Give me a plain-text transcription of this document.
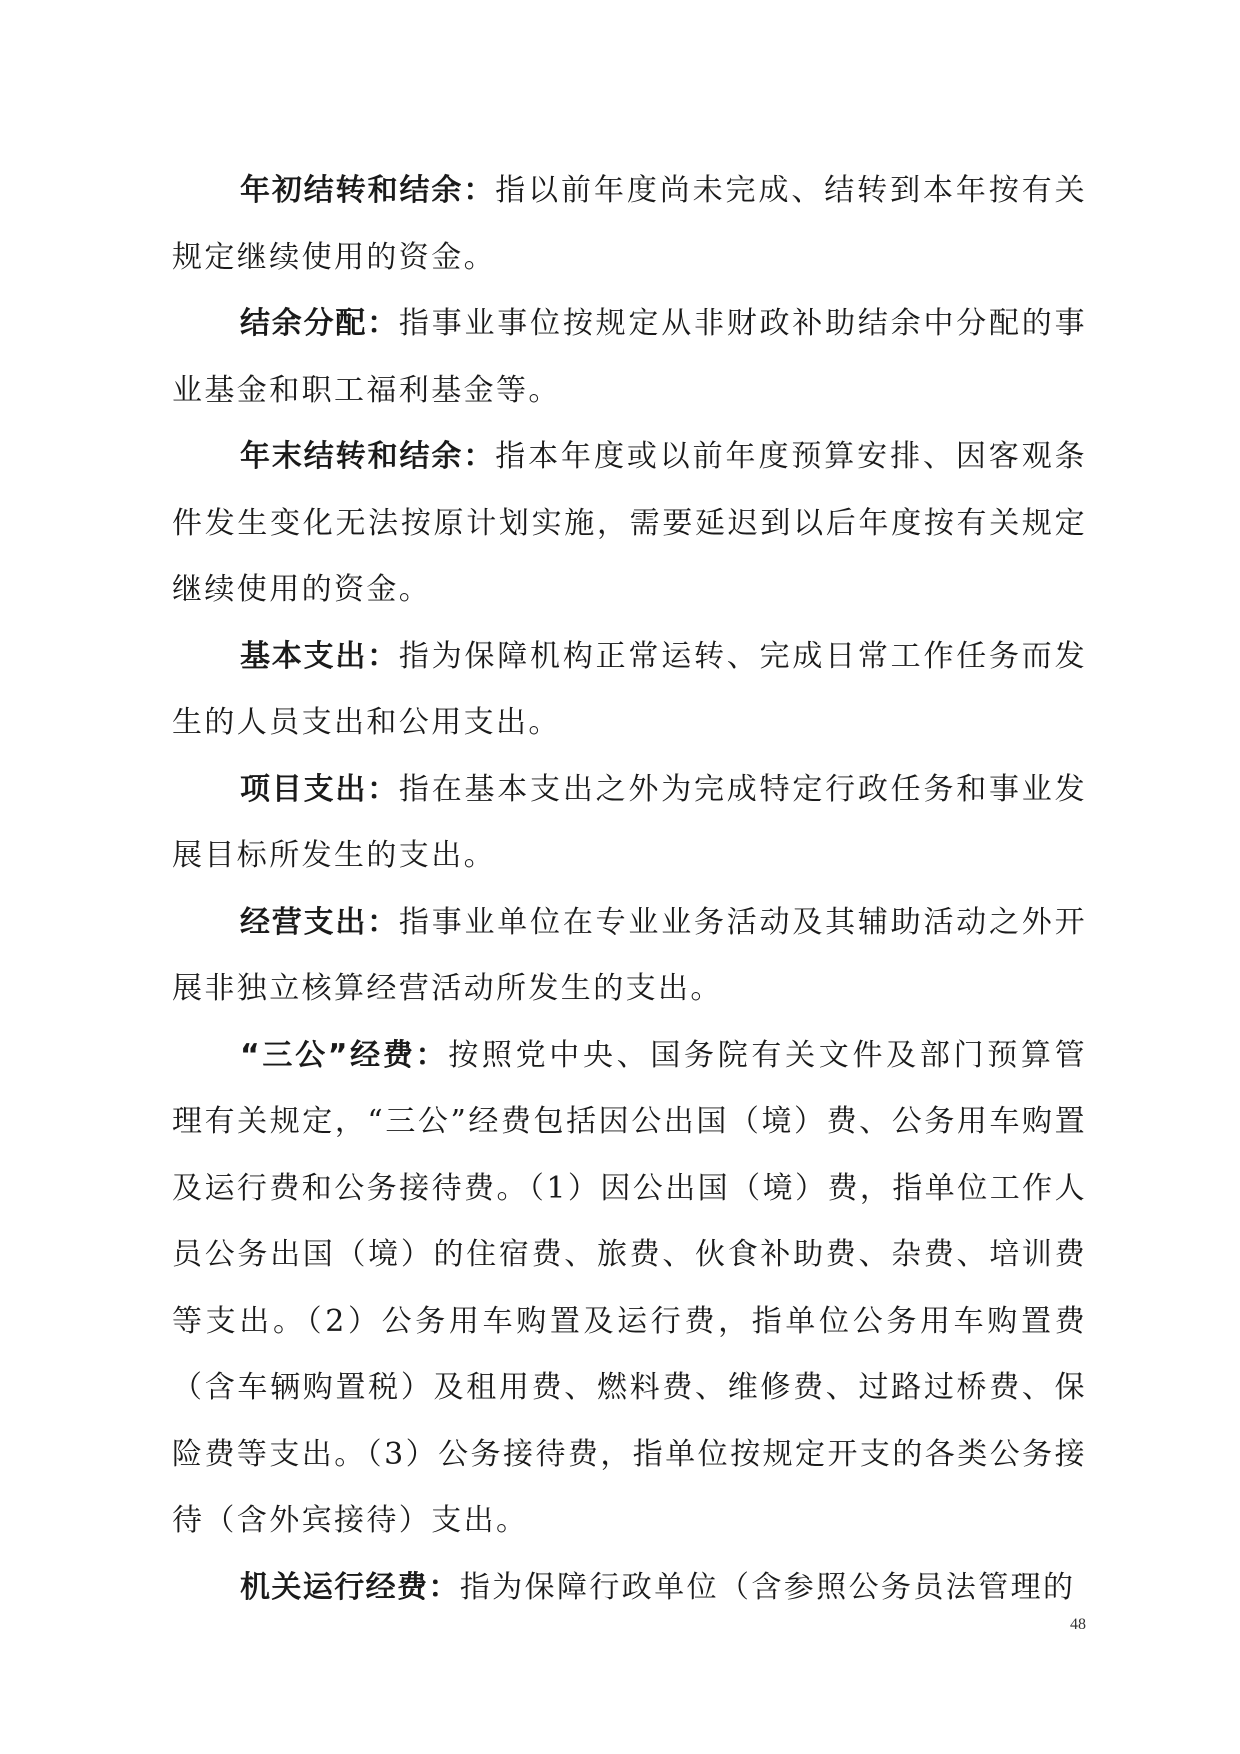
年初结转和结余：指以前年度尚未完成、结转到本年按有关规定继续使用的资金。

结余分配：指事业事位按规定从非财政补助结余中分配的事业基金和职工福利基金等。

年末结转和结余：指本年度或以前年度预算安排、因客观条件发生变化无法按原计划实施，需要延迟到以后年度按有关规定继续使用的资金。

基本支出：指为保障机构正常运转、完成日常工作任务而发生的人员支出和公用支出。

项目支出：指在基本支出之外为完成特定行政任务和事业发展目标所发生的支出。

经营支出：指事业单位在专业业务活动及其辅助活动之外开展非独立核算经营活动所发生的支出。

“三公”经费：按照党中央、国务院有关文件及部门预算管理有关规定，“三公”经费包括因公出国（境）费、公务用车购置及运行费和公务接待费。（1）因公出国（境）费，指单位工作人员公务出国（境）的住宿费、旅费、伙食补助费、杂费、培训费等支出。（2）公务用车购置及运行费，指单位公务用车购置费（含车辆购置税）及租用费、燃料费、维修费、过路过桥费、保险费等支出。（3）公务接待费，指单位按规定开支的各类公务接待（含外宾接待）支出。

机关运行经费：指为保障行政单位（含参照公务员法管理的

48
